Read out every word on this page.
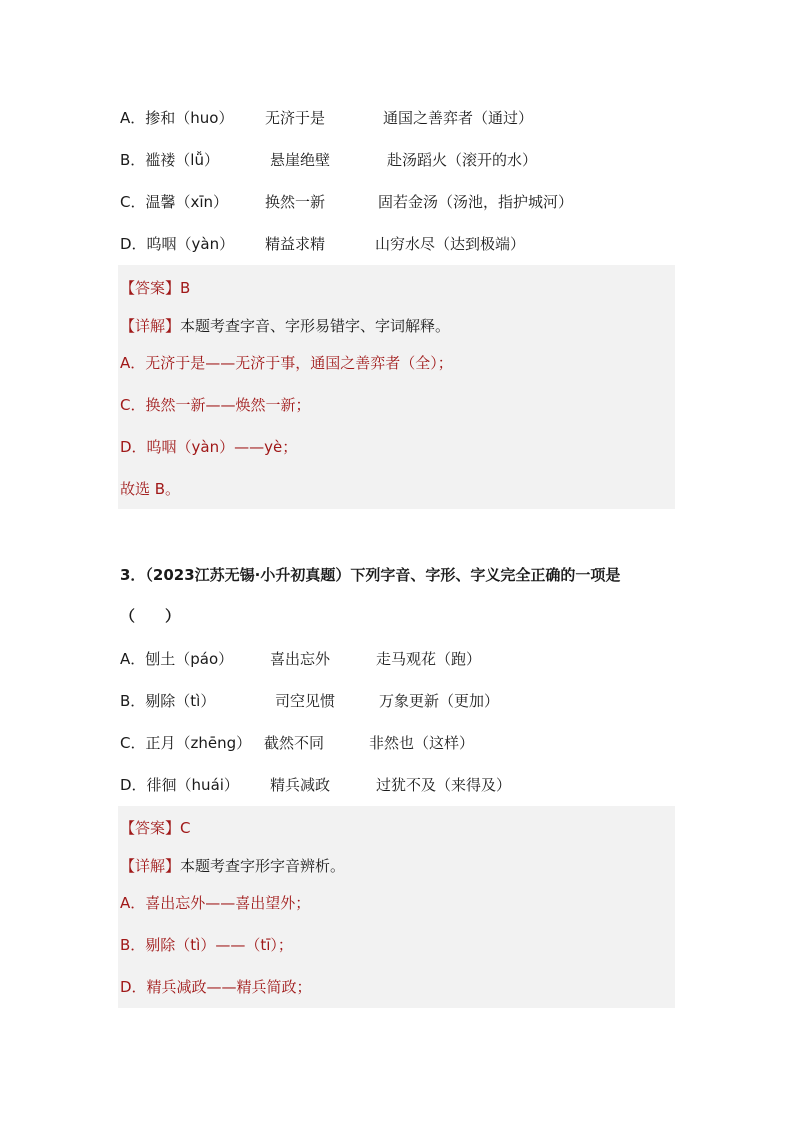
A．掺和（huo） 无济于是	通国之善弈者（通过）
B．褴褛（lǚ）	悬崖绝壁	赴汤蹈火（滚开的水）
C．温馨（xīn） 换然一新	固若金汤（汤池，指护城河）
D．呜咽（yàn） 精益求精	山穷水尽（达到极端）
【答案】B
【详解】本题考查字音、字形易错字、字词解释。
A．无济于是——无济于事，通国之善弈者（全）；
C．换然一新——焕然一新；
D．呜咽（yàn）——yè；
故选 B。
3．（2023江苏无锡·小升初真题）下列字音、字形、字义完全正确的一项是
（　　）
A．刨土（páo） 喜出忘外	走马观花（跑）
B．剔除（tì）	司空见惯	万象更新（更加）
C．正月（zhēng） 截然不同	非然也（这样）
D．徘徊（huái） 精兵减政	过犹不及（来得及）
【答案】C
【详解】本题考查字形字音辨析。
A．喜出忘外——喜出望外；
B．剔除（tì）——（tī）；
D．精兵减政——精兵简政；
